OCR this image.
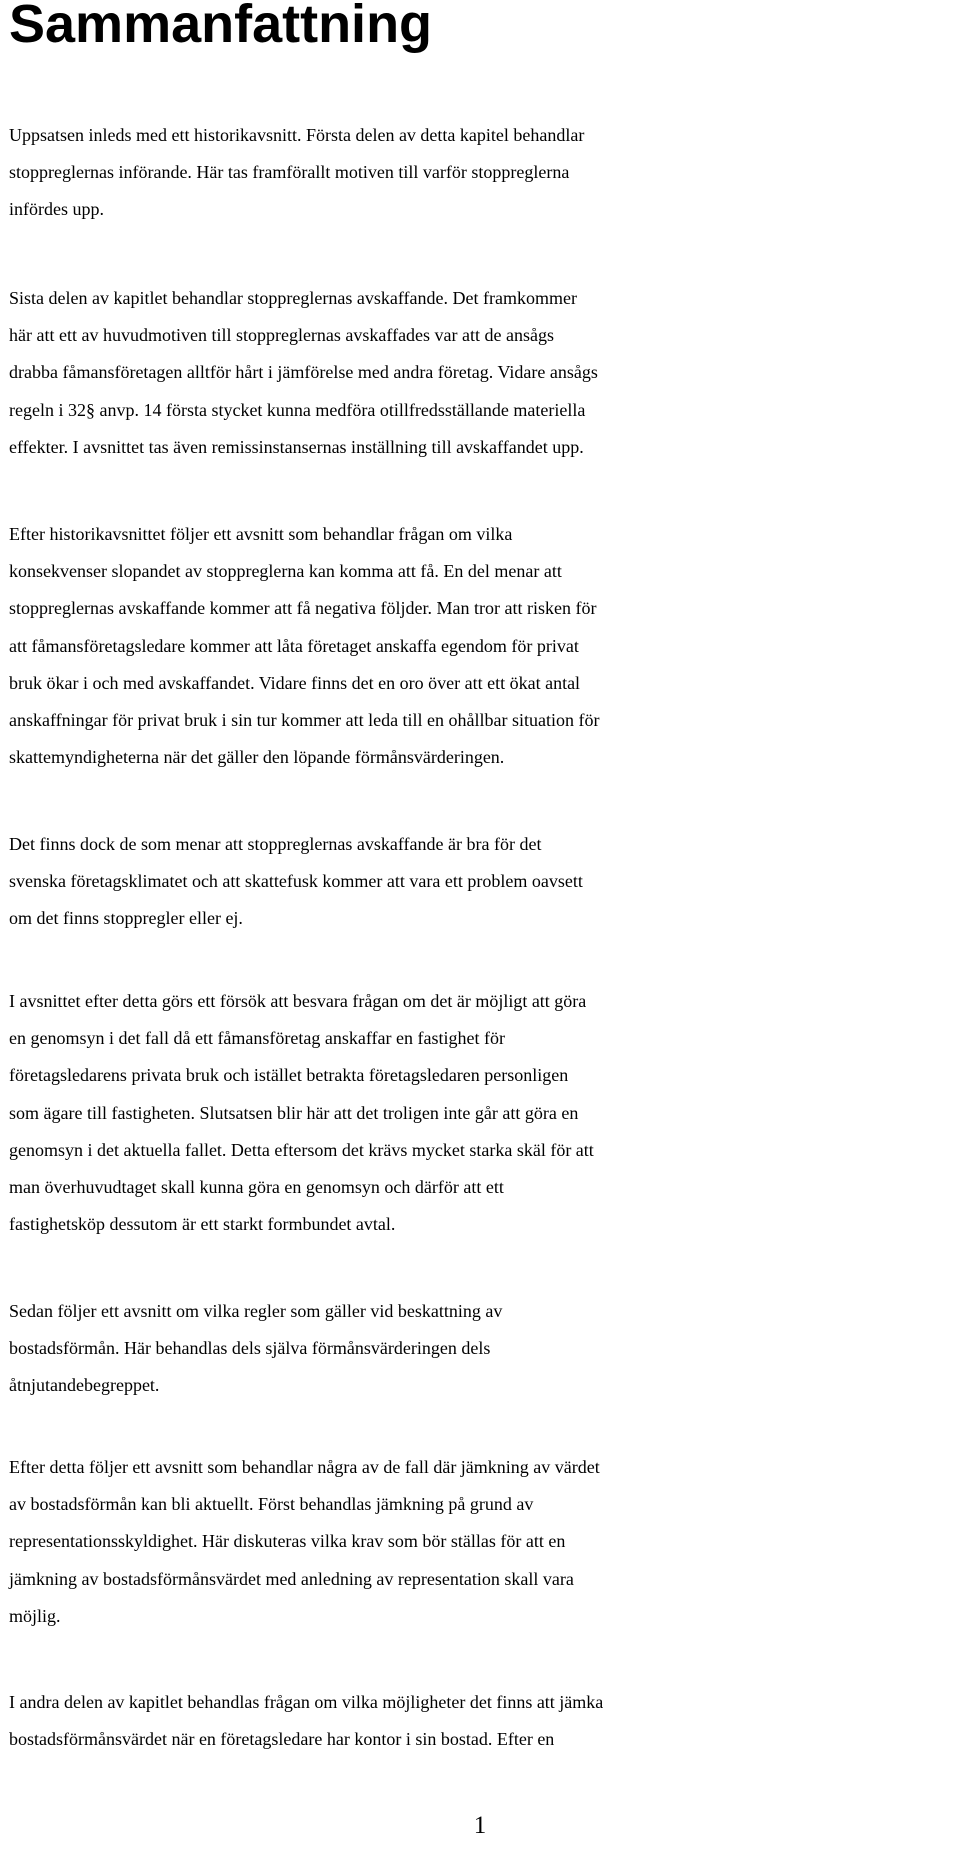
Sammanfattning

Uppsatsen inleds med ett historikavsnitt. Första delen av detta kapitel behandlar
stoppreglernas införande. Här tas framförallt motiven till varför stoppreglerna
infördes upp.

Sista delen av kapitlet behandlar stoppreglernas avskaffande. Det framkommer
här att ett av huvudmotiven till stoppreglernas avskaffades var att de ansågs
drabba fåmansföretagen alltför hårt i jämförelse med andra företag. Vidare ansågs
regeln i 32§ anvp. 14 första stycket kunna medföra otillfredsställande materiella
effekter. I avsnittet tas även remissinstansernas inställning till avskaffandet upp.

Efter historikavsnittet följer ett avsnitt som behandlar frågan om vilka
konsekvenser slopandet av stoppreglerna kan komma att få. En del menar att
stoppreglernas avskaffande kommer att få negativa följder. Man tror att risken för
att fåmansföretagsledare kommer att låta företaget anskaffa egendom för privat
bruk ökar i och med avskaffandet. Vidare finns det en oro över att ett ökat antal
anskaffningar för privat bruk i sin tur kommer att leda till en ohållbar situation för
skattemyndigheterna när det gäller den löpande förmånsvärderingen.

Det finns dock de som menar att stoppreglernas avskaffande är bra för det
svenska företagsklimatet och att skattefusk kommer att vara ett problem oavsett
om det finns stoppregler eller ej.

I avsnittet efter detta görs ett försök att besvara frågan om det är möjligt att göra
en genomsyn i det fall då ett fåmansföretag anskaffar en fastighet för
företagsledarens privata bruk och istället betrakta företagsledaren personligen
som ägare till fastigheten. Slutsatsen blir här att det troligen inte går att göra en
genomsyn i det aktuella fallet. Detta eftersom det krävs mycket starka skäl för att
man överhuvudtaget skall kunna göra en genomsyn och därför att ett
fastighetsköp dessutom är ett starkt formbundet avtal.

Sedan följer ett avsnitt om vilka regler som gäller vid beskattning av
bostadsförmån. Här behandlas dels själva förmånsvärderingen dels
åtnjutandebegreppet.

Efter detta följer ett avsnitt som behandlar några av de fall där jämkning av värdet
av bostadsförmån kan bli aktuellt. Först behandlas jämkning på grund av
representationsskyldighet. Här diskuteras vilka krav som bör ställas för att en
jämkning av bostadsförmånsvärdet med anledning av representation skall vara
möjlig.

I andra delen av kapitlet behandlas frågan om vilka möjligheter det finns att jämka
bostadsförmånsvärdet när en företagsledare har kontor i sin bostad. Efter en

1
